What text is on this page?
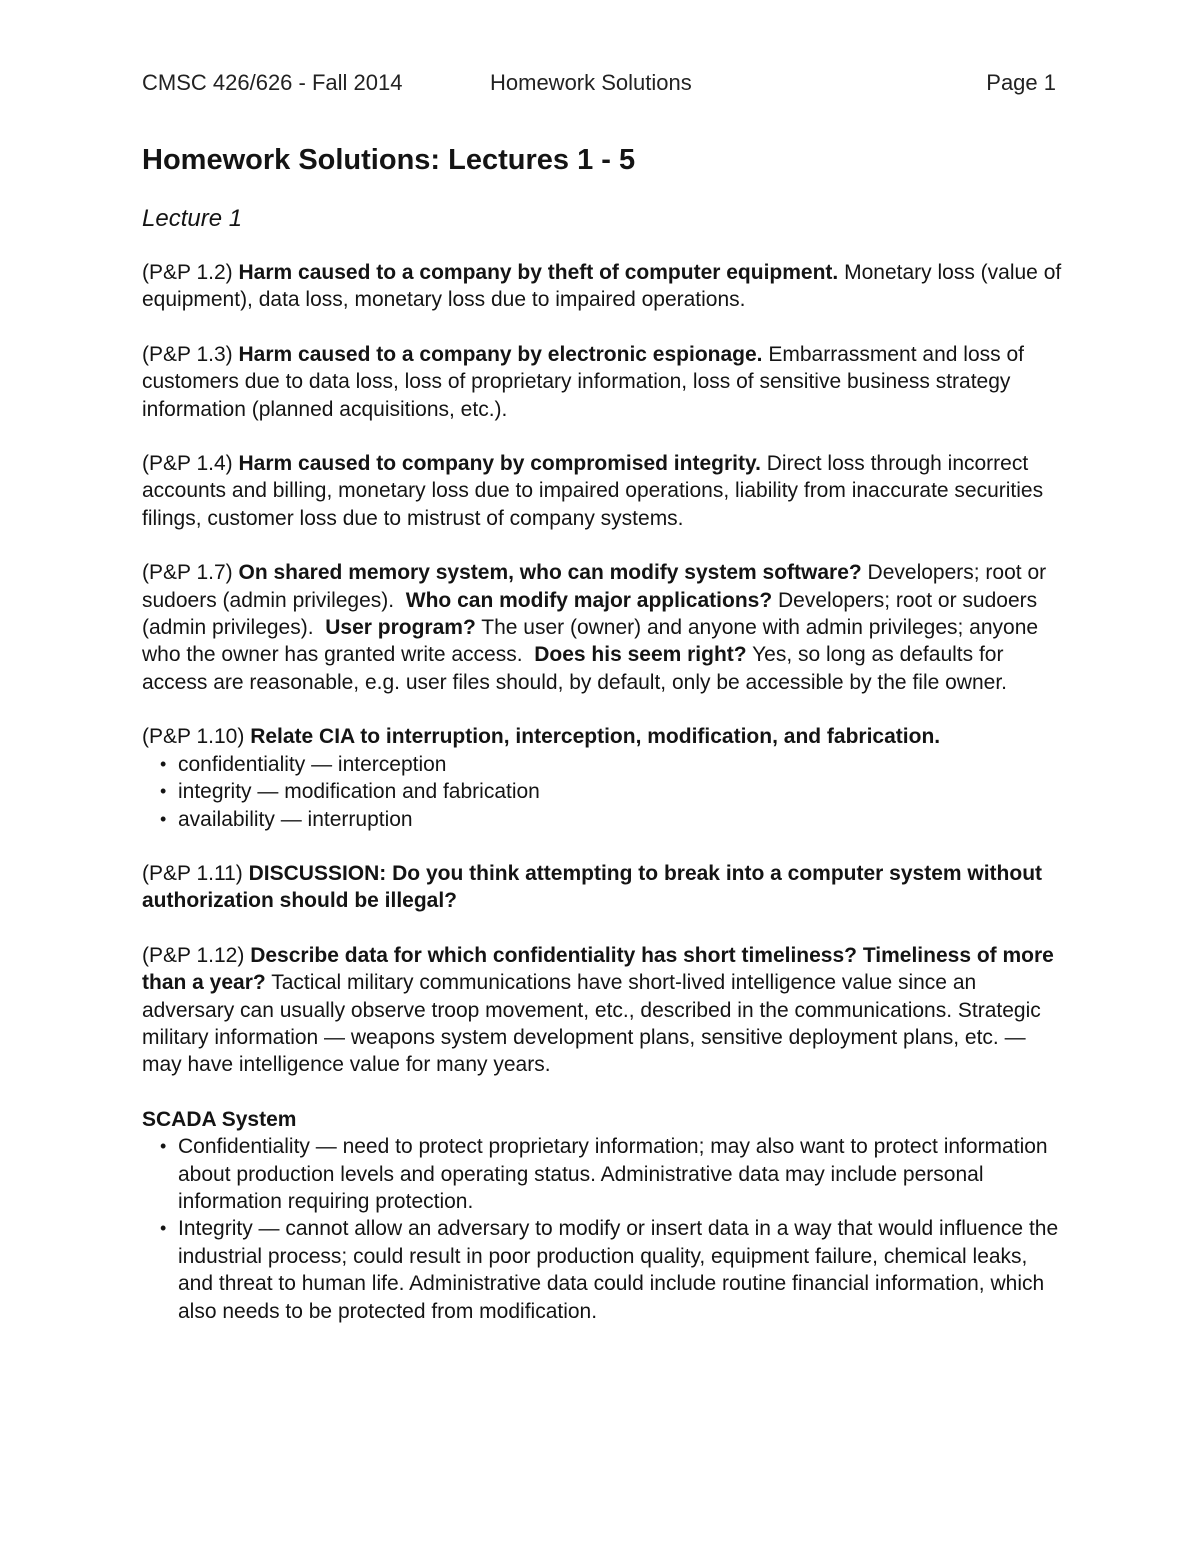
CMSC 426/626 - Fall 2014	Homework Solutions	Page 1
Homework Solutions: Lectures 1 - 5
Lecture 1

(P&P 1.2) Harm caused to a company by theft of computer equipment. Monetary loss (value of equipment), data loss, monetary loss due to impaired operations.

(P&P 1.3) Harm caused to a company by electronic espionage. Embarrassment and loss of customers due to data loss, loss of proprietary information, loss of sensitive business strategy information (planned acquisitions, etc.).

(P&P 1.4) Harm caused to company by compromised integrity. Direct loss through incorrect accounts and billing, monetary loss due to impaired operations, liability from inaccurate securities filings, customer loss due to mistrust of company systems.

(P&P 1.7) On shared memory system, who can modify system software? Developers; root or sudoers (admin privileges). Who can modify major applications? Developers; root or sudoers (admin privileges). User program? The user (owner) and anyone with admin privileges; anyone who the owner has granted write access. Does his seem right? Yes, so long as defaults for access are reasonable, e.g. user files should, by default, only be accessible by the file owner.

(P&P 1.10) Relate CIA to interruption, interception, modification, and fabrication.
• confidentiality — interception
• integrity — modification and fabrication
• availability — interruption

(P&P 1.11) DISCUSSION: Do you think attempting to break into a computer system without authorization should be illegal?

(P&P 1.12) Describe data for which confidentiality has short timeliness? Timeliness of more than a year? Tactical military communications have short-lived intelligence value since an adversary can usually observe troop movement, etc., described in the communications. Strategic military information — weapons system development plans, sensitive deployment plans, etc. — may have intelligence value for many years.

SCADA System
• Confidentiality — need to protect proprietary information; may also want to protect information about production levels and operating status. Administrative data may include personal information requiring protection.
• Integrity — cannot allow an adversary to modify or insert data in a way that would influence the industrial process; could result in poor production quality, equipment failure, chemical leaks, and threat to human life. Administrative data could include routine financial information, which also needs to be protected from modification.
